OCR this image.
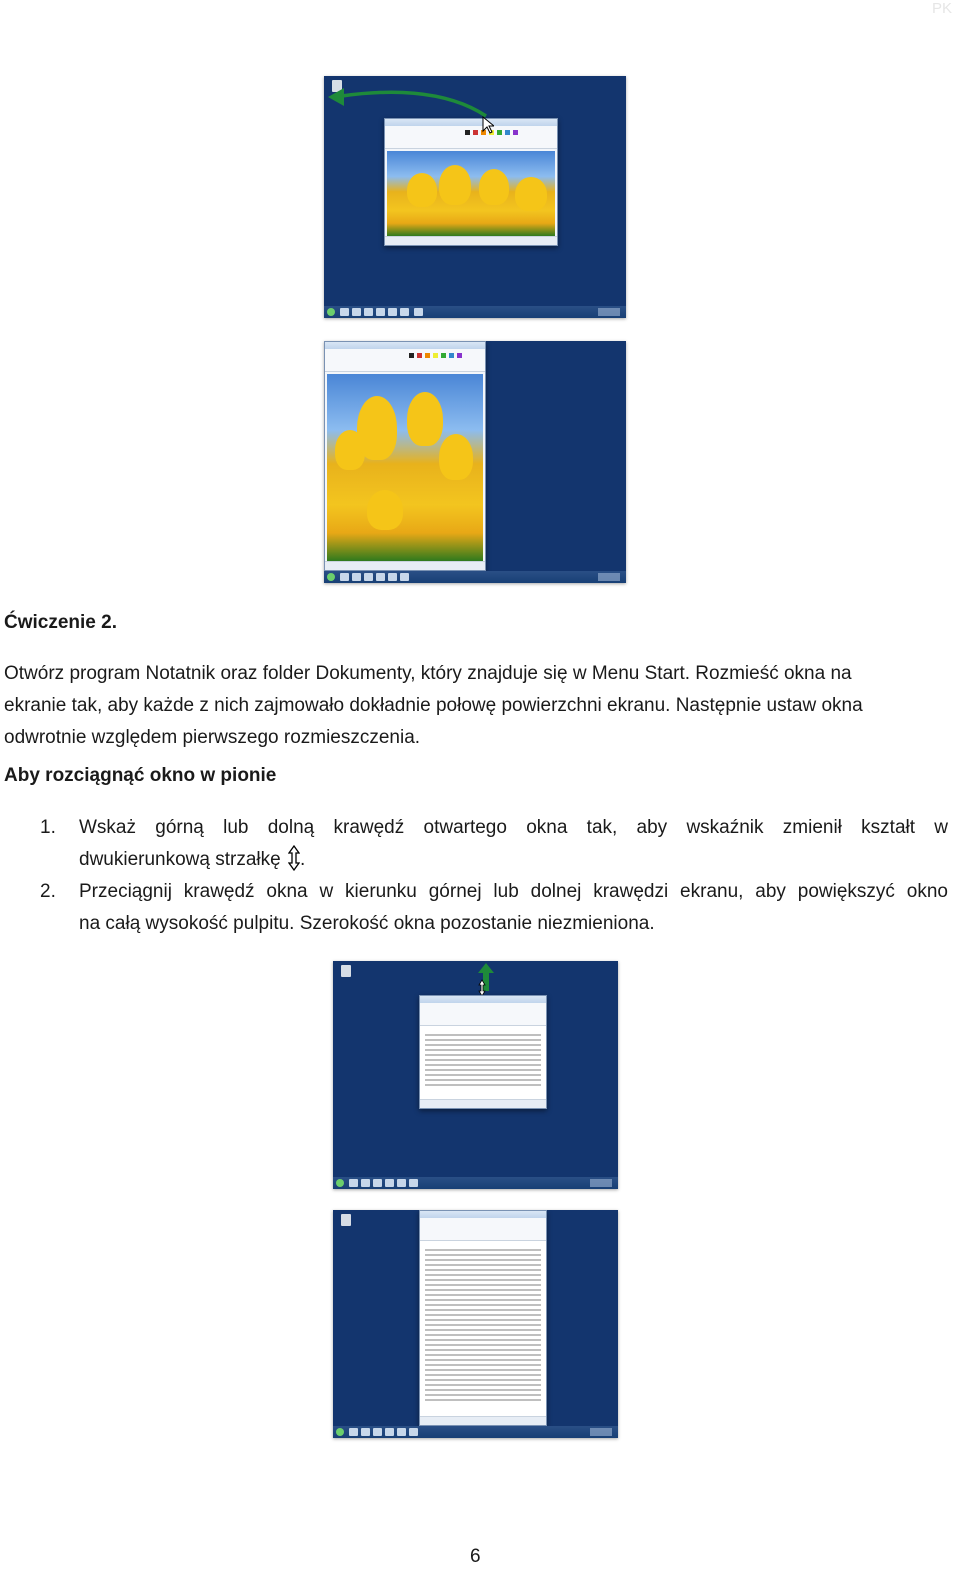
PK
Ćwiczenie 2.

Otwórz program Notatnik oraz folder Dokumenty, który znajduje się w Menu Start. Rozmieść okna na
ekranie tak, aby każde z nich zajmowało dokładnie połowę powierzchni ekranu. Następnie ustaw okna
odwrotnie względem pierwszego rozmieszczenia.

Aby rozciągnąć okno w pionie
1. Wskaż górną lub dolną krawędź otwartego okna tak, aby wskaźnik zmienił kształt w
dwukierunkową strzałkę .
2. Przeciągnij krawędź okna w kierunku górnej lub dolnej krawędzi ekranu, aby powiększyć okno
na całą wysokość pulpitu. Szerokość okna pozostanie niezmieniona.
6
